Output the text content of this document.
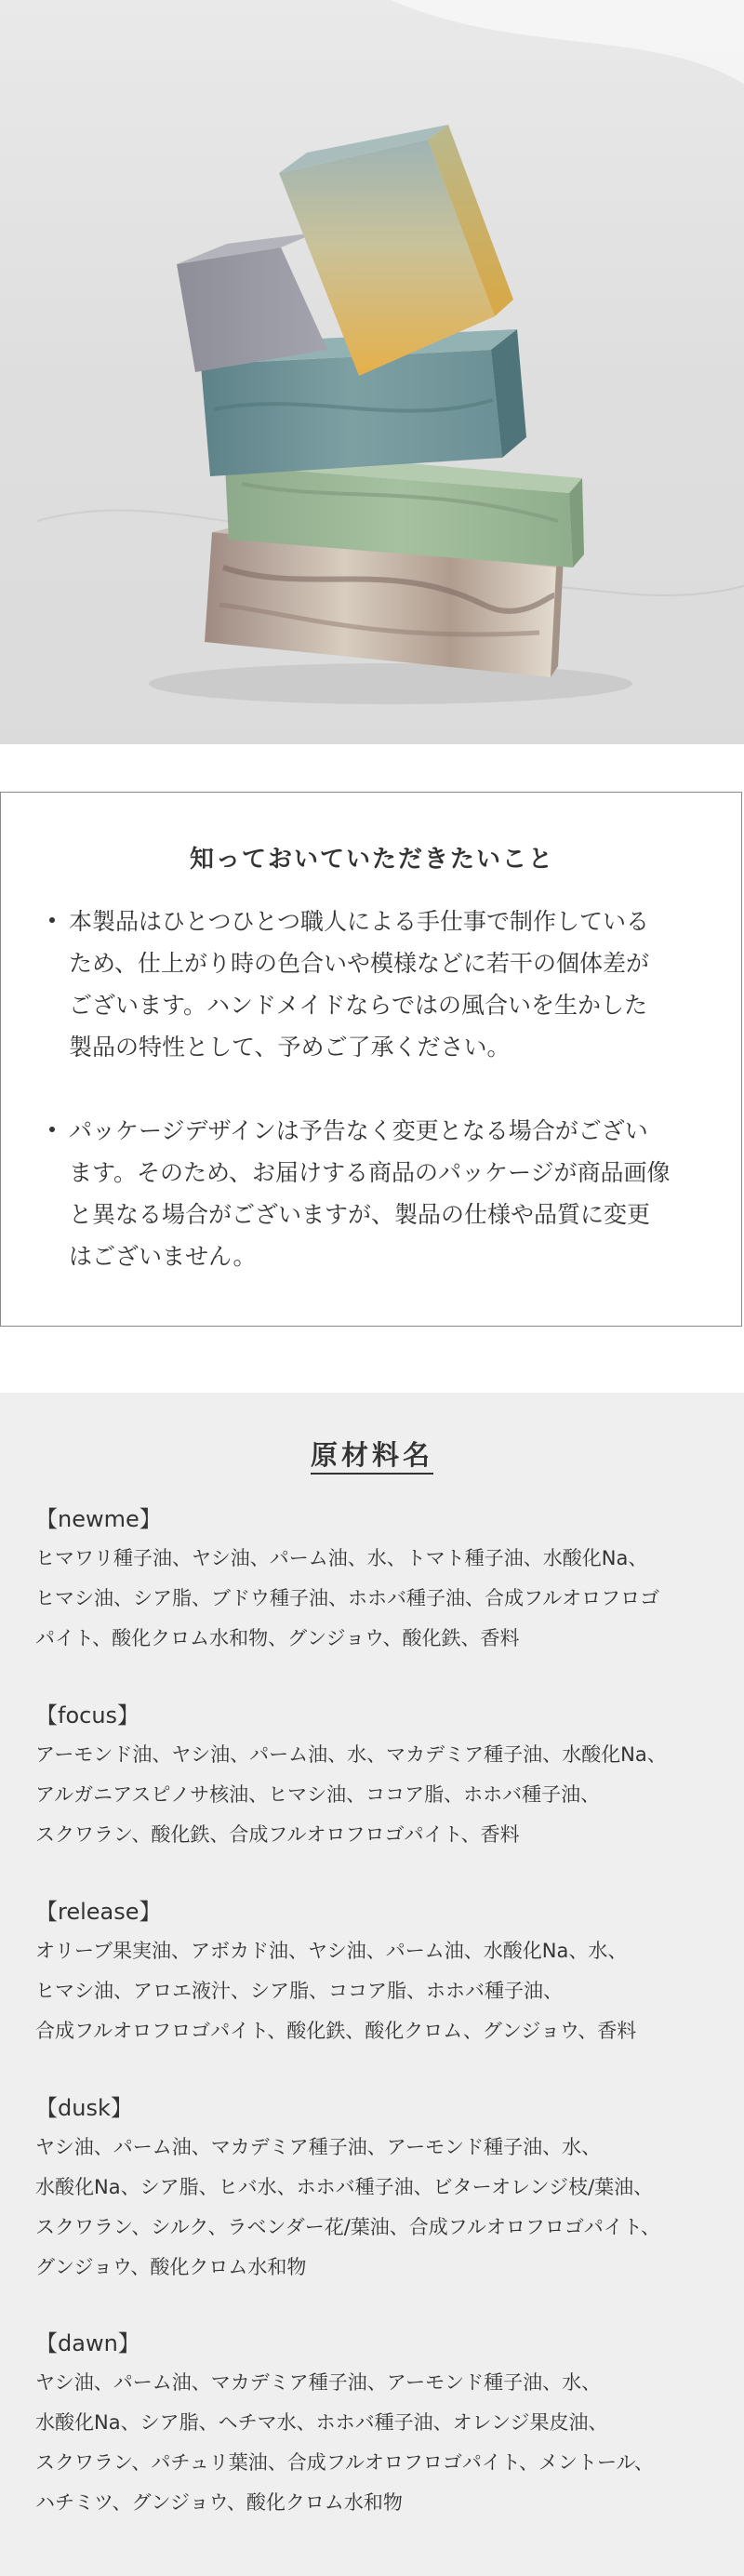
知っておいていただきたいこと
本製品はひとつひとつ職人による手仕事で制作している
ため、仕上がり時の色合いや模様などに若干の個体差が
ございます。ハンドメイドならではの風合いを生かした
製品の特性として、予めご了承ください。
パッケージデザインは予告なく変更となる場合がござい
ます。そのため、お届けする商品のパッケージが商品画像
と異なる場合がございますが、製品の仕様や品質に変更
はございません。
原材料名
【newme】
ヒマワリ種子油、ヤシ油、パーム油、水、トマト種子油、水酸化Na、
ヒマシ油、シア脂、ブドウ種子油、ホホバ種子油、合成フルオロフロゴ
パイト、酸化クロム水和物、グンジョウ、酸化鉄、香料
【focus】
アーモンド油、ヤシ油、パーム油、水、マカデミア種子油、水酸化Na、
アルガニアスピノサ核油、ヒマシ油、ココア脂、ホホバ種子油、
スクワラン、酸化鉄、合成フルオロフロゴパイト、香料
【release】
オリーブ果実油、アボカド油、ヤシ油、パーム油、水酸化Na、水、
ヒマシ油、アロエ液汁、シア脂、ココア脂、ホホバ種子油、
合成フルオロフロゴパイト、酸化鉄、酸化クロム、グンジョウ、香料
【dusk】
ヤシ油、パーム油、マカデミア種子油、アーモンド種子油、水、
水酸化Na、シア脂、ヒバ水、ホホバ種子油、ビターオレンジ枝/葉油、
スクワラン、シルク、ラベンダー花/葉油、合成フルオロフロゴパイト、
グンジョウ、酸化クロム水和物
【dawn】
ヤシ油、パーム油、マカデミア種子油、アーモンド種子油、水、
水酸化Na、シア脂、ヘチマ水、ホホバ種子油、オレンジ果皮油、
スクワラン、パチュリ葉油、合成フルオロフロゴパイト、メントール、
ハチミツ、グンジョウ、酸化クロム水和物
